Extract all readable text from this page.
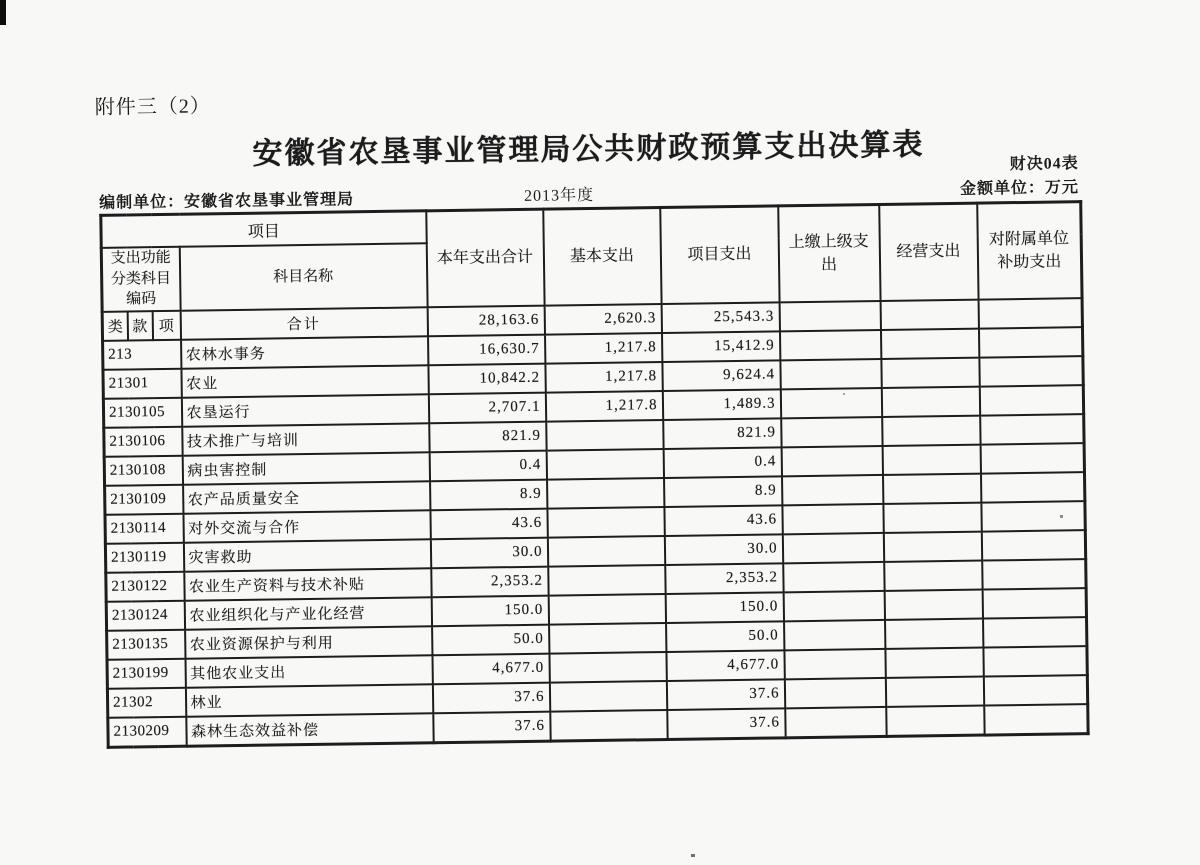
附件三（2）
安徽省农垦事业管理局公共财政预算支出决算表	财决04表
编制单位：安徽省农垦事业管理局	2013年度	金额单位：万元
项目				本年支出合计	基本支出	项目支出	上缴上级支出	经营支出	对附属单位补助支出
支出功能分类科目编码			科目名称						
类	款	项	合计	28,163.6	2,620.3	25,543.3			
213			农林水事务	16,630.7	1,217.8	15,412.9			
21301			农业	10,842.2	1,217.8	9,624.4			
2130105			农垦运行	2,707.1	1,217.8	1,489.3			
2130106			技术推广与培训	821.9		821.9			
2130108			病虫害控制	0.4		0.4			
2130109			农产品质量安全	8.9		8.9			
2130114			对外交流与合作	43.6		43.6			
2130119			灾害救助	30.0		30.0			
2130122			农业生产资料与技术补贴	2,353.2		2,353.2			
2130124			农业组织化与产业化经营	150.0		150.0			
2130135			农业资源保护与利用	50.0		50.0			
2130199			其他农业支出	4,677.0		4,677.0			
21302			林业	37.6		37.6			
2130209			森林生态效益补偿	37.6		37.6			
